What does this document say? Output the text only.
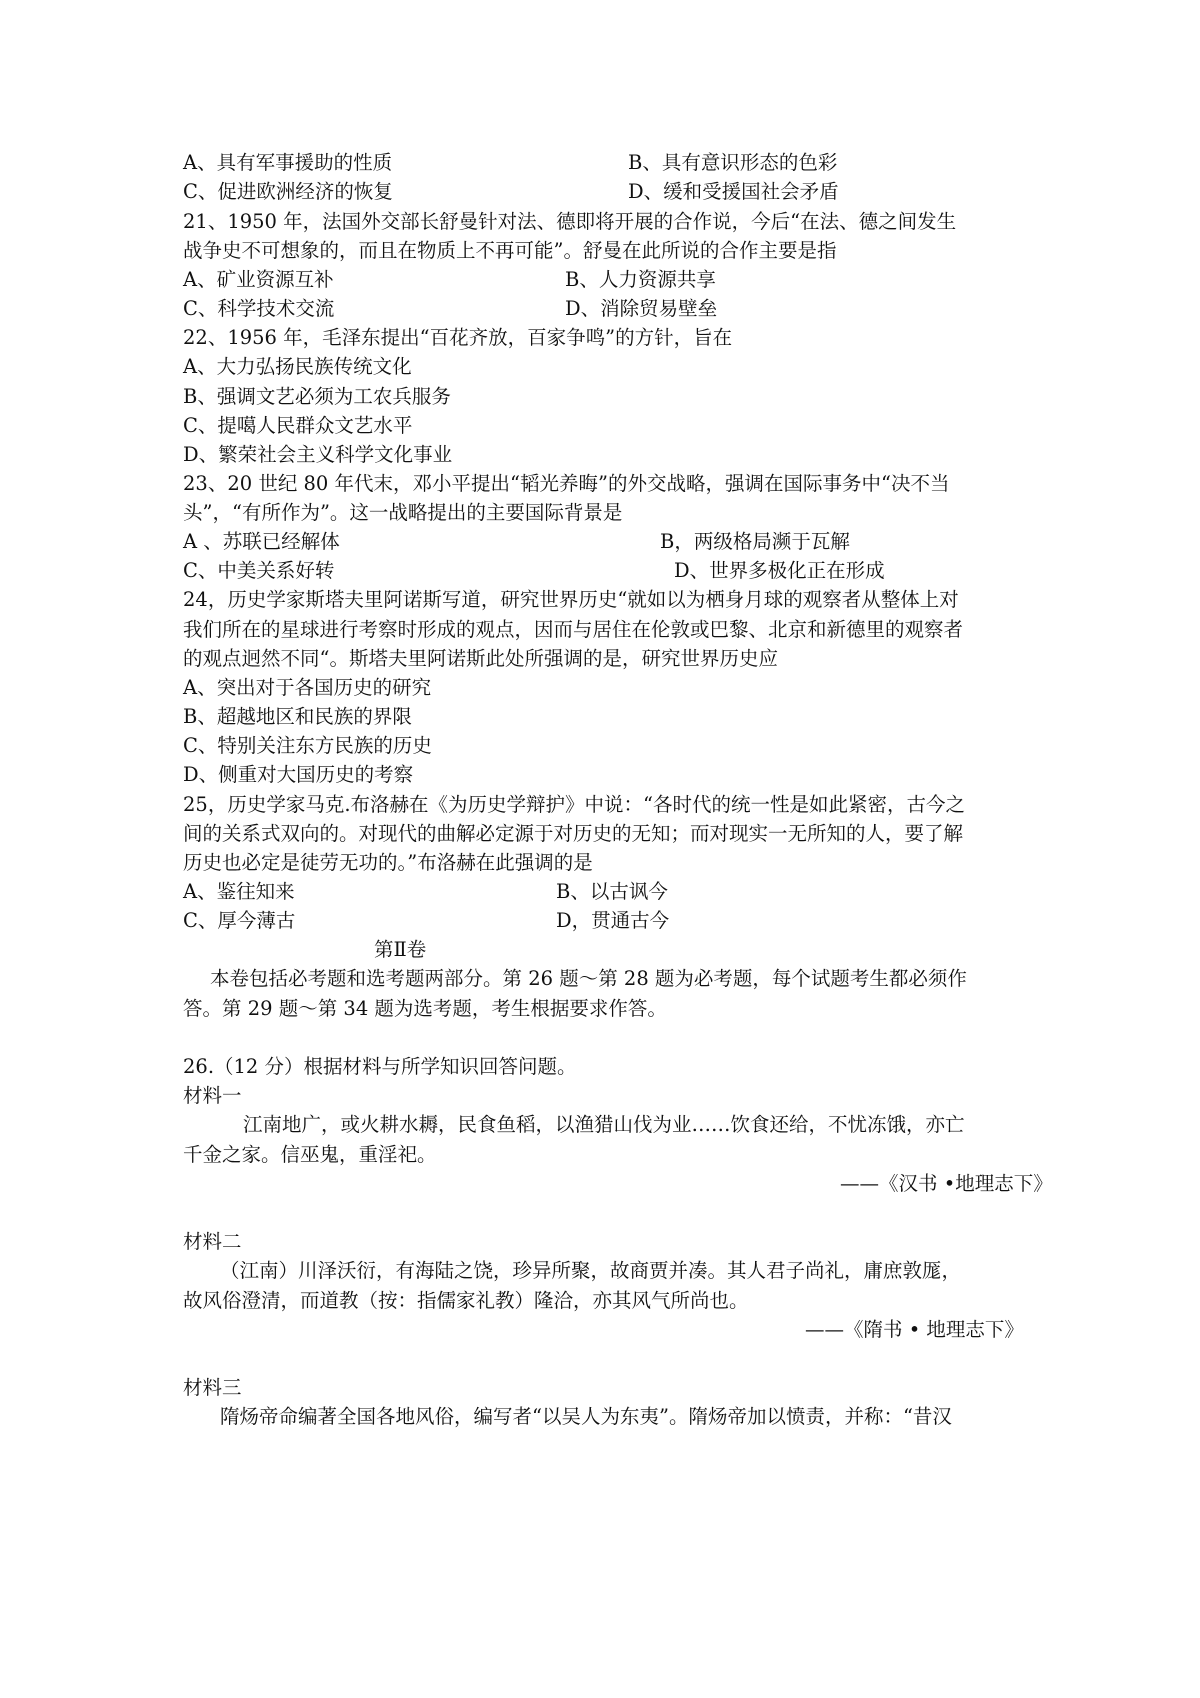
A、具有军事援助的性质	B、具有意识形态的色彩
C、促进欧洲经济的恢复	D、缓和受援国社会矛盾
21、1950 年，法国外交部长舒曼针对法、德即将开展的合作说，今后“在法、德之间发生
战争史不可想象的，而且在物质上不再可能”。舒曼在此所说的合作主要是指
A、矿业资源互补	B、人力资源共享
C、科学技术交流	D、消除贸易壁垒
22、1956 年，毛泽东提出“百花齐放，百家争鸣”的方针，旨在
A、大力弘扬民族传统文化
B、强调文艺必须为工农兵服务
C、提噶人民群众文艺水平
D、繁荣社会主义科学文化事业
23、20 世纪 80 年代末，邓小平提出“韬光养晦”的外交战略，强调在国际事务中“决不当
头”，“有所作为”。这一战略提出的主要国际背景是
A 、苏联已经解体	B，两级格局濒于瓦解
C、中美关系好转	D、世界多极化正在形成
24，历史学家斯塔夫里阿诺斯写道，研究世界历史“就如以为栖身月球的观察者从整体上对
我们所在的星球进行考察时形成的观点，因而与居住在伦敦或巴黎、北京和新德里的观察者
的观点迥然不同“。斯塔夫里阿诺斯此处所强调的是，研究世界历史应
A、突出对于各国历史的研究
B、超越地区和民族的界限
C、特别关注东方民族的历史
D、侧重对大国历史的考察
25，历史学家马克.布洛赫在《为历史学辩护》中说：“各时代的统一性是如此紧密，古今之
间的关系式双向的。对现代的曲解必定源于对历史的无知；而对现实一无所知的人，要了解
历史也必定是徒劳无功的。”布洛赫在此强调的是
A、鉴往知来	B、以古讽今
C、厚今薄古	D，贯通古今
第Ⅱ卷
本卷包括必考题和选考题两部分。第 26 题～第 28 题为必考题，每个试题考生都必须作
答。第 29 题～第 34 题为选考题，考生根据要求作答。
26.（12 分）根据材料与所学知识回答问题。
材料一
江南地广，或火耕水耨，民食鱼稻，以渔猎山伐为业……饮食还给，不忧冻饿，亦亡
千金之家。信巫鬼，重淫祀。
——《汉书 •地理志下》
材料二
（江南）川泽沃衍，有海陆之饶，珍异所聚，故商贾并凑。其人君子尚礼，庸庶敦厖，
故风俗澄清，而道教（按：指儒家礼教）隆洽，亦其风气所尚也。
——《隋书 • 地理志下》
材料三
隋炀帝命编著全国各地风俗，编写者“以吴人为东夷”。隋炀帝加以愤责，并称：“昔汉
